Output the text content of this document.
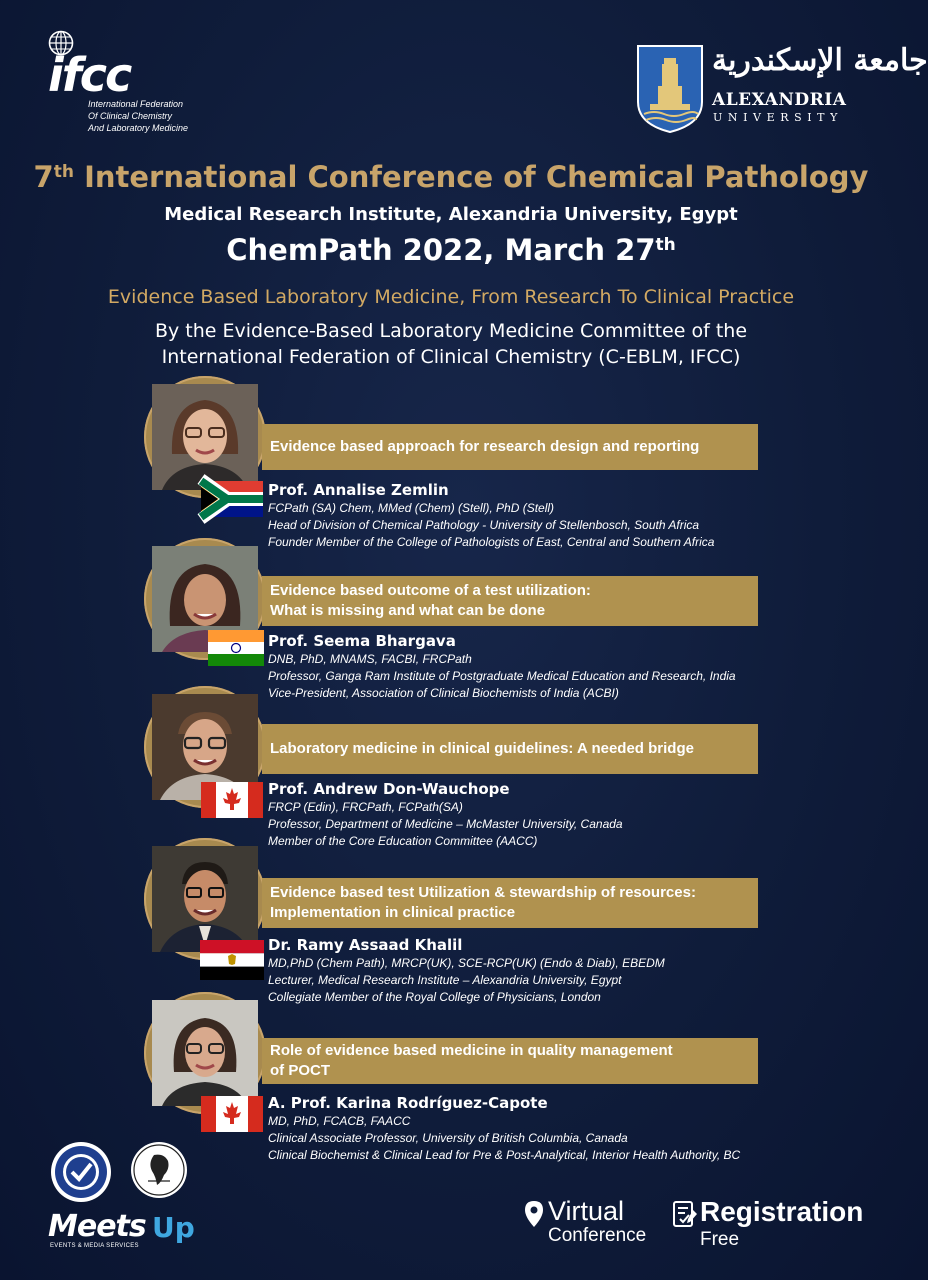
ifcc
International Federation
Of Clinical Chemistry
And Laboratory Medicine
جامعة الإسكندرية
ALEXANDRIA
UNIVERSITY
7th International Conference of Chemical Pathology
Medical Research Institute, Alexandria University, Egypt
ChemPath 2022, March 27th
Evidence Based Laboratory Medicine, From Research To Clinical Practice
By the Evidence-Based Laboratory Medicine Committee of the
International Federation of Clinical Chemistry (C-EBLM, IFCC)
Evidence based approach for research design and reporting
Prof. Annalise Zemlin
FCPath (SA) Chem, MMed (Chem) (Stell), PhD (Stell)
Head of Division of Chemical Pathology - University of Stellenbosch, South Africa
Founder Member of the College of Pathologists of East, Central and Southern Africa
Evidence based outcome of a test utilization:
What is missing and what can be done
Prof. Seema Bhargava
DNB, PhD, MNAMS, FACBI, FRCPath
Professor, Ganga Ram Institute of Postgraduate Medical Education and Research, India
Vice-President, Association of Clinical Biochemists of India (ACBI)
Laboratory medicine in clinical guidelines: A needed bridge
Prof. Andrew Don-Wauchope
FRCP (Edin), FRCPath, FCPath(SA)
Professor, Department of Medicine – McMaster University, Canada
Member of the Core Education Committee (AACC)
Evidence based test Utilization & stewardship of resources:
Implementation in clinical practice
Dr. Ramy Assaad Khalil
MD,PhD (Chem Path), MRCP(UK), SCE-RCP(UK) (Endo & Diab), EBEDM
Lecturer, Medical Research Institute – Alexandria University, Egypt
Collegiate Member of the Royal College of Physicians, London
Role of evidence based medicine in quality management
of POCT
A. Prof. Karina Rodríguez-Capote
MD, PhD, FCACB, FAACC
Clinical Associate Professor, University of British Columbia, Canada
Clinical Biochemist & Clinical Lead for Pre & Post-Analytical, Interior Health Authority, BC
Meets Up
EVENTS & MEDIA SERVICES
Virtual
Conference
Registration
Free
